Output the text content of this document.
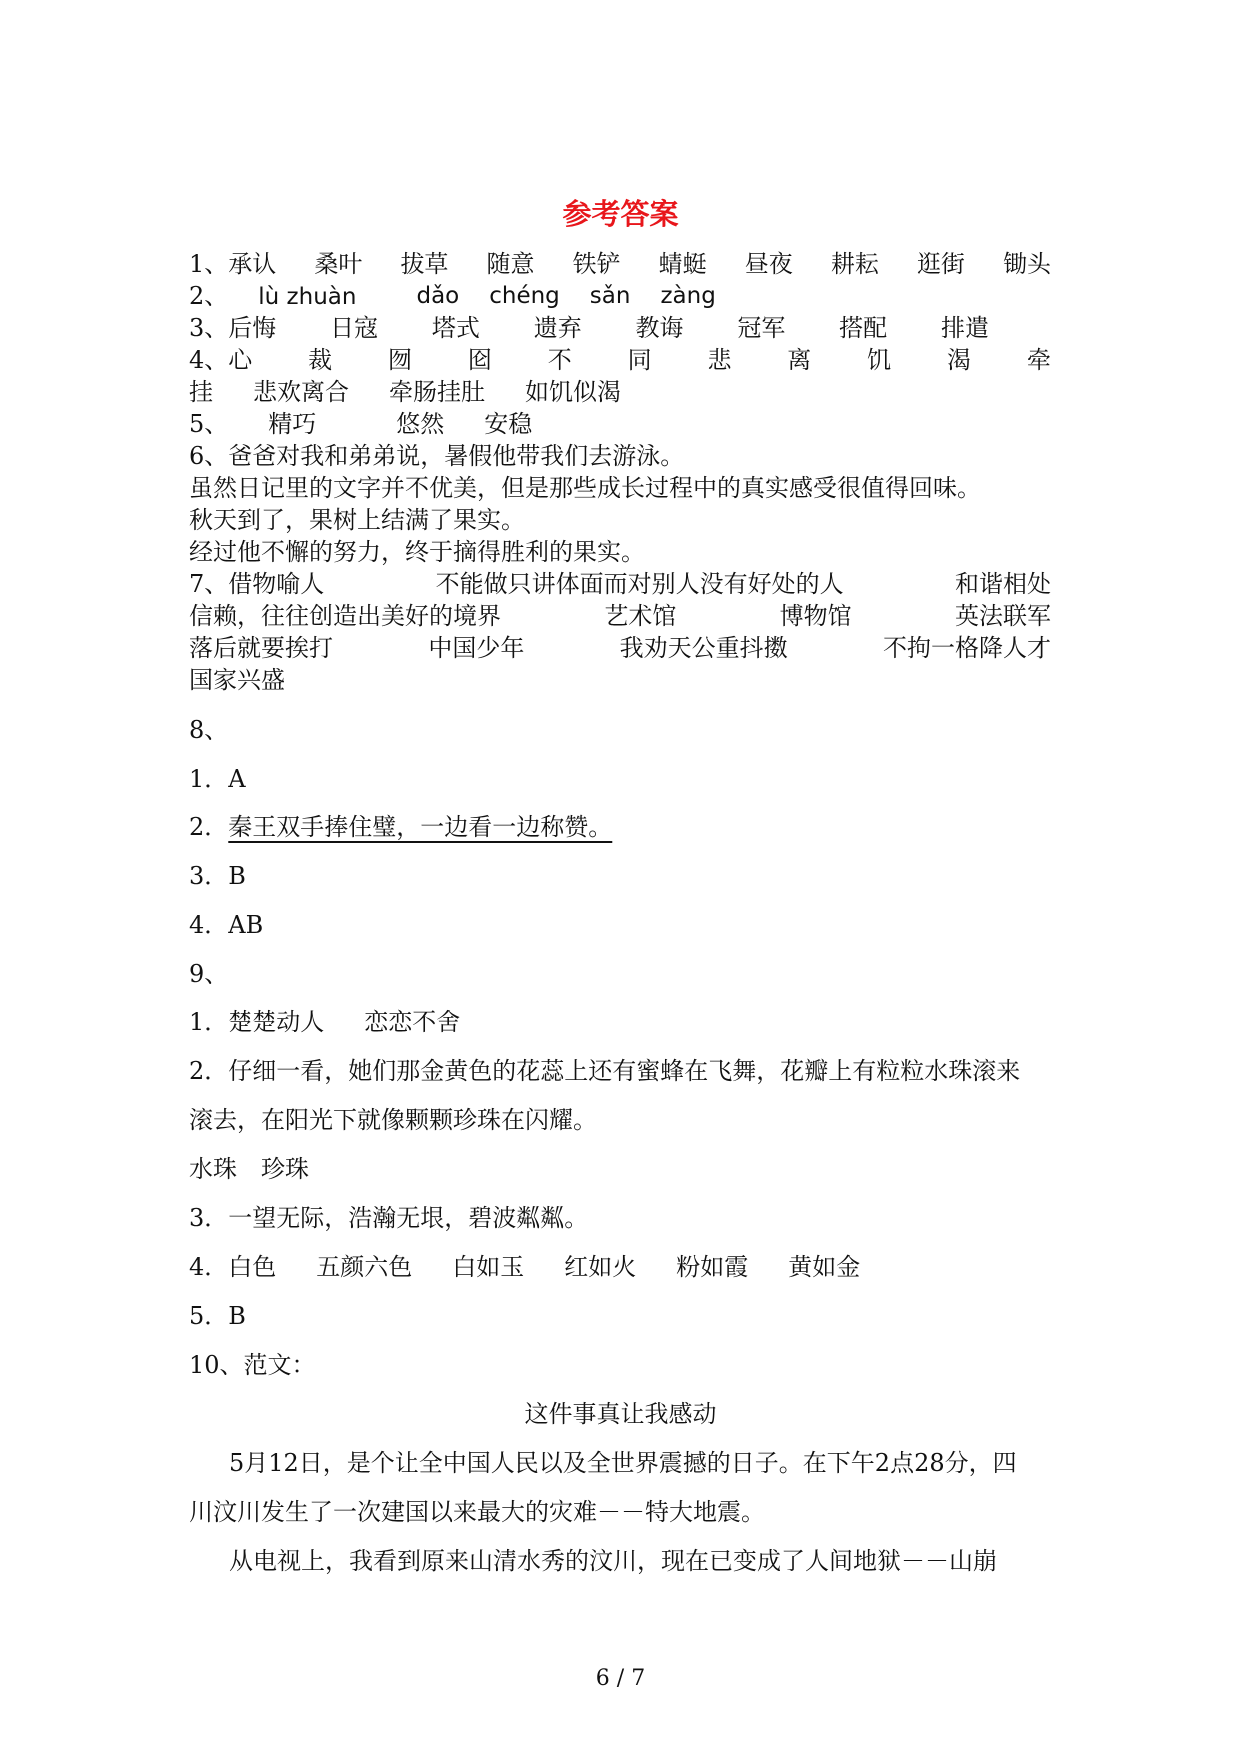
参考答案
1、承认 桑叶 拔草 随意 铁铲 蜻蜓 昼夜 耕耘 逛街 锄头
2、 lù zhuàn	dǎo chéng sǎn zàng
3、后悔 日寇 塔式 遗弃 教诲 冠军 搭配 排遣
4、心 裁 囫 囵 不 同 悲 离 饥 渴 牵
挂 悲欢离合 牵肠挂肚 如饥似渴
5、 精巧	悠然 安稳
6、爸爸对我和弟弟说，暑假他带我们去游泳。
虽然日记里的文字并不优美，但是那些成长过程中的真实感受很值得回味。
秋天到了，果树上结满了果实。
经过他不懈的努力，终于摘得胜利的果实。
7、借物喻人	不能做只讲体面而对别人没有好处的人	和谐相处
信赖，往往创造出美好的境界	艺术馆	博物馆	英法联军
落后就要挨打	中国少年	我劝天公重抖擞	不拘一格降人才
国家兴盛
8、
1．A
2．秦王双手捧住璧，一边看一边称赞。
3．B
4．AB
9、
1．楚楚动人 恋恋不舍
2．仔细一看，她们那金黄色的花蕊上还有蜜蜂在飞舞，花瓣上有粒粒水珠滚来
滚去，在阳光下就像颗颗珍珠在闪耀。
水珠 珍珠
3．一望无际，浩瀚无垠，碧波粼粼。
4．白色 五颜六色 白如玉 红如火 粉如霞 黄如金
5．B
10、范文：
这件事真让我感动
5月12日，是个让全中国人民以及全世界震撼的日子。在下午2点28分，四
川汶川发生了一次建国以来最大的灾难－－特大地震。
从电视上，我看到原来山清水秀的汶川，现在已变成了人间地狱－－山崩
6 / 7
